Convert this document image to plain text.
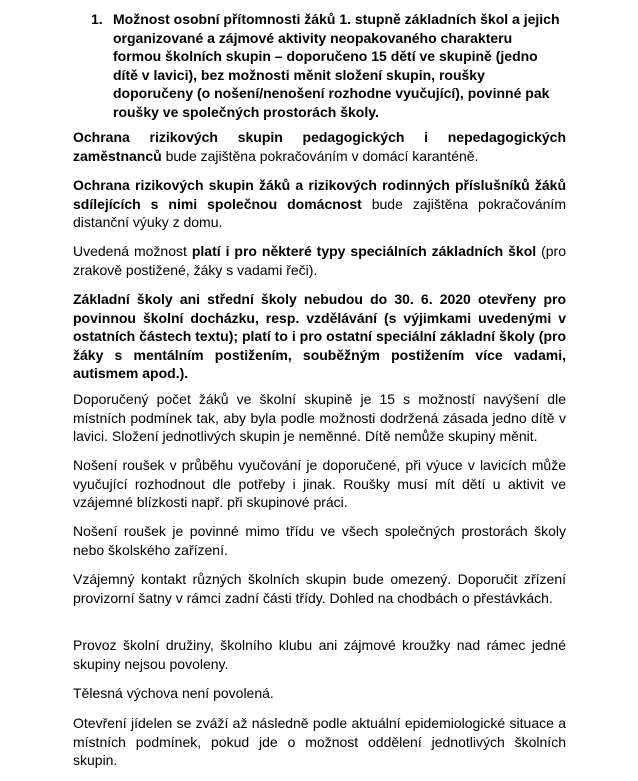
1. Možnost osobní přítomnosti žáků 1. stupně základních škol a jejich organizované a zájmové aktivity neopakovaného charakteru formou školních skupin – doporučeno 15 dětí ve skupině (jedno dítě v lavici), bez možnosti měnit složení skupin, roušky doporučeny (o nošení/nenošení rozhodne vyučující), povinné pak roušky ve společných prostorách školy.

Ochrana rizikových skupin pedagogických i nepedagogických zaměstnanců bude zajištěna pokračováním v domácí karanténě.

Ochrana rizikových skupin žáků a rizikových rodinných příslušníků žáků sdílejících s nimi společnou domácnost bude zajištěna pokračováním distanční výuky z domu.

Uvedená možnost platí i pro některé typy speciálních základních škol (pro zrakově postižené, žáky s vadami řeči).

Základní školy ani střední školy nebudou do 30. 6. 2020 otevřeny pro povinnou školní docházku, resp. vzdělávání (s výjimkami uvedenými v ostatních částech textu); platí to i pro ostatní speciální základní školy (pro žáky s mentálním postižením, souběžným postižením více vadami, autismem apod.).

Doporučený počet žáků ve školní skupině je 15 s možností navýšení dle místních podmínek tak, aby byla podle možnosti dodržená zásada jedno dítě v lavici. Složení jednotlivých skupin je neměnné. Dítě nemůže skupiny měnit.

Nošení roušek v průběhu vyučování je doporučené, při výuce v lavicích může vyučující rozhodnout dle potřeby i jinak. Roušky musí mít dětí u aktivit ve vzájemné blízkosti např. při skupinové práci.

Nošení roušek je povinné mimo třídu ve všech společných prostorách školy nebo školského zařízení.

Vzájemný kontakt různých školních skupin bude omezený. Doporučit zřízení provizorní šatny v rámci zadní části třídy. Dohled na chodbách o přestávkách.

Provoz školní družiny, školního klubu ani zájmové kroužky nad rámec jedné skupiny nejsou povoleny.

Tělesná výchova není povolená.

Otevření jídelen se zváží až následně podle aktuální epidemiologické situace a místních podmínek, pokud jde o možnost oddělení jednotlivých školních skupin.
